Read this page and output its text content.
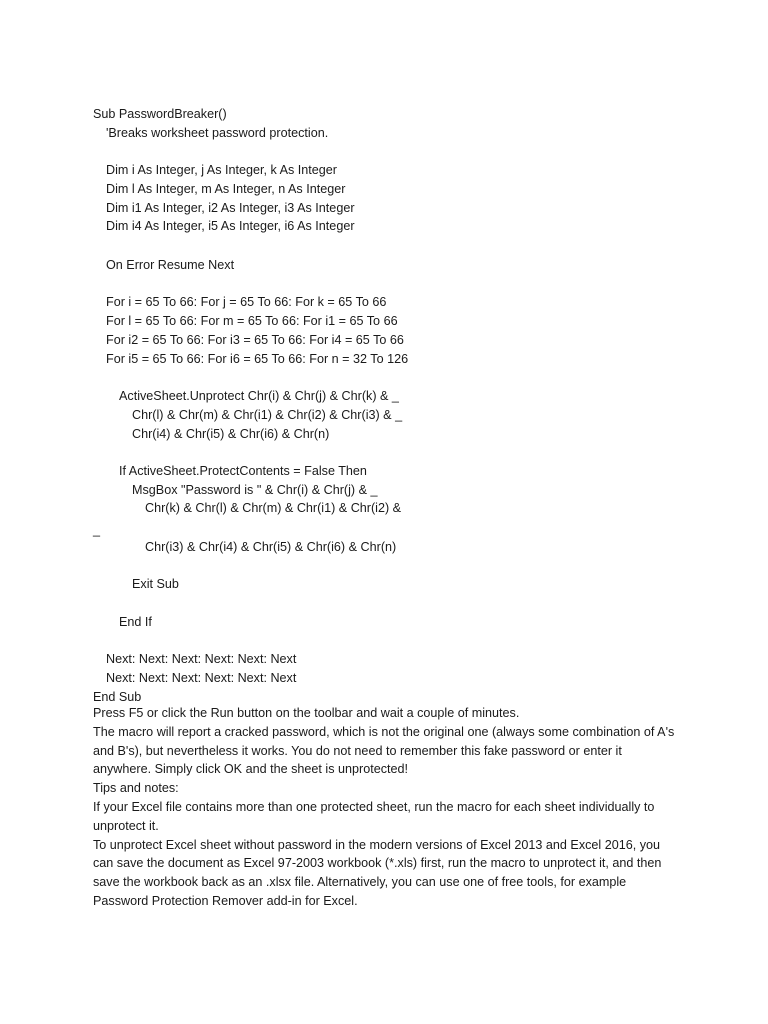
Sub PasswordBreaker()
'Breaks worksheet password protection.
Dim i As Integer, j As Integer, k As Integer
Dim l As Integer, m As Integer, n As Integer
Dim i1 As Integer, i2 As Integer, i3 As Integer
Dim i4 As Integer, i5 As Integer, i6 As Integer
On Error Resume Next
For i = 65 To 66: For j = 65 To 66: For k = 65 To 66
For l = 65 To 66: For m = 65 To 66: For i1 = 65 To 66
For i2 = 65 To 66: For i3 = 65 To 66: For i4 = 65 To 66
For i5 = 65 To 66: For i6 = 65 To 66: For n = 32 To 126
ActiveSheet.Unprotect Chr(i) & Chr(j) & Chr(k) & _
Chr(l) & Chr(m) & Chr(i1) & Chr(i2) & Chr(i3) & _
Chr(i4) & Chr(i5) & Chr(i6) & Chr(n)
If ActiveSheet.ProtectContents = False Then
MsgBox "Password is " & Chr(i) & Chr(j) & _
Chr(k) & Chr(l) & Chr(m) & Chr(i1) & Chr(i2) &
_
Chr(i3) & Chr(i4) & Chr(i5) & Chr(i6) & Chr(n)
Exit Sub
End If
Next: Next: Next: Next: Next: Next
Next: Next: Next: Next: Next: Next
End Sub

Press F5 or click the Run button on the toolbar and wait a couple of minutes.

The macro will report a cracked password, which is not the original one (always some combination of A's and B's), but nevertheless it works. You do not need to remember this fake password or enter it anywhere. Simply click OK and the sheet is unprotected!

Tips and notes:

If your Excel file contains more than one protected sheet, run the macro for each sheet individually to unprotect it.

To unprotect Excel sheet without password in the modern versions of Excel 2013 and Excel 2016, you can save the document as Excel 97-2003 workbook (*.xls) first, run the macro to unprotect it, and then save the workbook back as an .xlsx file. Alternatively, you can use one of free tools, for example Password Protection Remover add-in for Excel.
